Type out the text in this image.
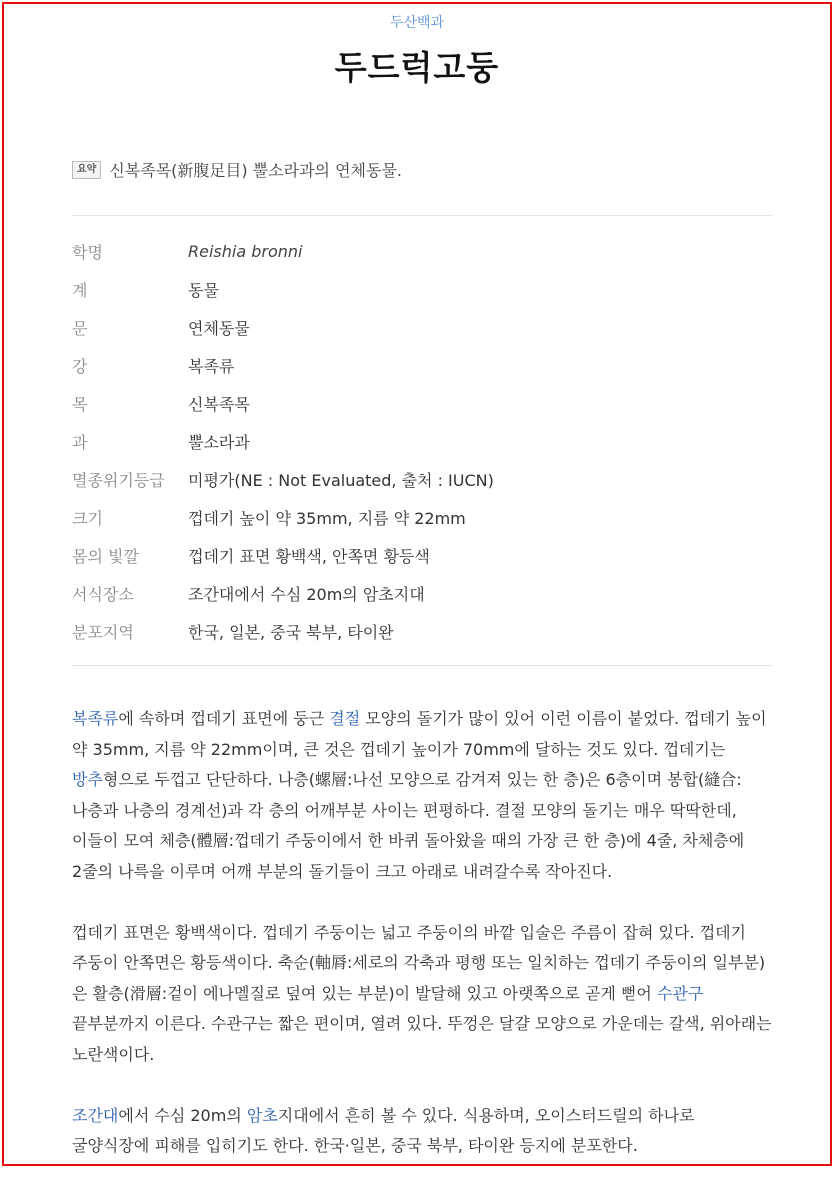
두산백과
두드럭고둥
요약 신복족목(新腹足目) 뿔소라과의 연체동물.
학명	Reishia bronni
계	동물
문	연체동물
강	복족류
목	신복족목
과	뿔소라과
멸종위기등급	미평가(NE : Not Evaluated, 출처 : IUCN)
크기	껍데기 높이 약 35mm, 지름 약 22mm
몸의 빛깔	껍데기 표면 황백색, 안쪽면 황등색
서식장소	조간대에서 수심 20m의 암초지대
분포지역	한국, 일본, 중국 북부, 타이완

복족류에 속하며 껍데기 표면에 둥근 결절 모양의 돌기가 많이 있어 이런 이름이 붙었다. 껍데기 높이 약 35mm, 지름 약 22mm이며, 큰 것은 껍데기 높이가 70mm에 달하는 것도 있다. 껍데기는 방추형으로 두껍고 단단하다. 나층(螺層:나선 모양으로 감겨져 있는 한 층)은 6층이며 봉합(縫合:나층과 나층의 경계선)과 각 층의 어깨부분 사이는 편평하다. 결절 모양의 돌기는 매우 딱딱한데, 이들이 모여 체층(體層:껍데기 주둥이에서 한 바퀴 돌아왔을 때의 가장 큰 한 층)에 4줄, 차체층에 2줄의 나륵을 이루며 어깨 부분의 돌기들이 크고 아래로 내려갈수록 작아진다.

껍데기 표면은 황백색이다. 껍데기 주둥이는 넓고 주둥이의 바깥 입술은 주름이 잡혀 있다. 껍데기 주둥이 안쪽면은 황등색이다. 축순(軸脣:세로의 각축과 평행 또는 일치하는 껍데기 주둥이의 일부분)은 활층(滑層:겉이 에나멜질로 덮여 있는 부분)이 발달해 있고 아랫쪽으로 곧게 뻗어 수관구 끝부분까지 이른다. 수관구는 짧은 편이며, 열려 있다. 뚜껑은 달걀 모양으로 가운데는 갈색, 위아래는 노란색이다.

조간대에서 수심 20m의 암초지대에서 흔히 볼 수 있다. 식용하며, 오이스터드릴의 하나로 굴양식장에 피해를 입히기도 한다. 한국·일본, 중국 북부, 타이완 등지에 분포한다.
